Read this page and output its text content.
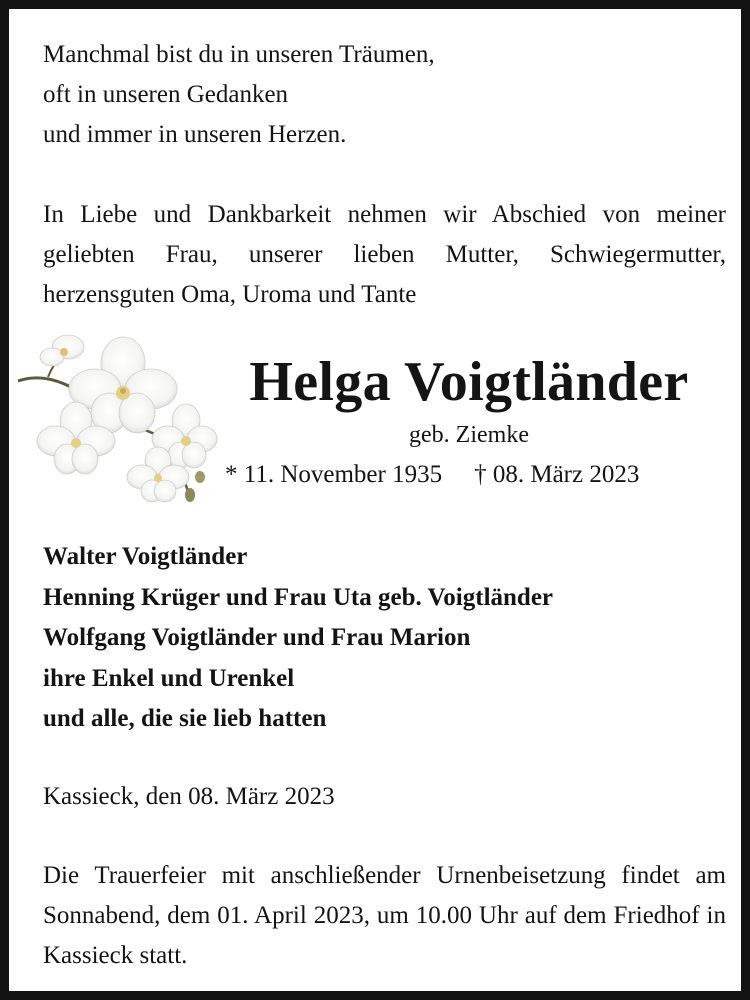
Manchmal bist du in unseren Träumen,
oft in unseren Gedanken
und immer in unseren Herzen.

In Liebe und Dankbarkeit nehmen wir Abschied von meiner geliebten Frau, unserer lieben Mutter, Schwiegermutter, herzensguten Oma, Uroma und Tante

Helga Voigtländer
geb. Ziemke
* 11. November 1935 † 08. März 2023
Walter Voigtländer
Henning Krüger und Frau Uta geb. Voigtländer
Wolfgang Voigtländer und Frau Marion
ihre Enkel und Urenkel
und alle, die sie lieb hatten

Kassieck, den 08. März 2023

Die Trauerfeier mit anschließender Urnenbeisetzung findet am Sonnabend, dem 01. April 2023, um 10.00 Uhr auf dem Friedhof in Kassieck statt.
